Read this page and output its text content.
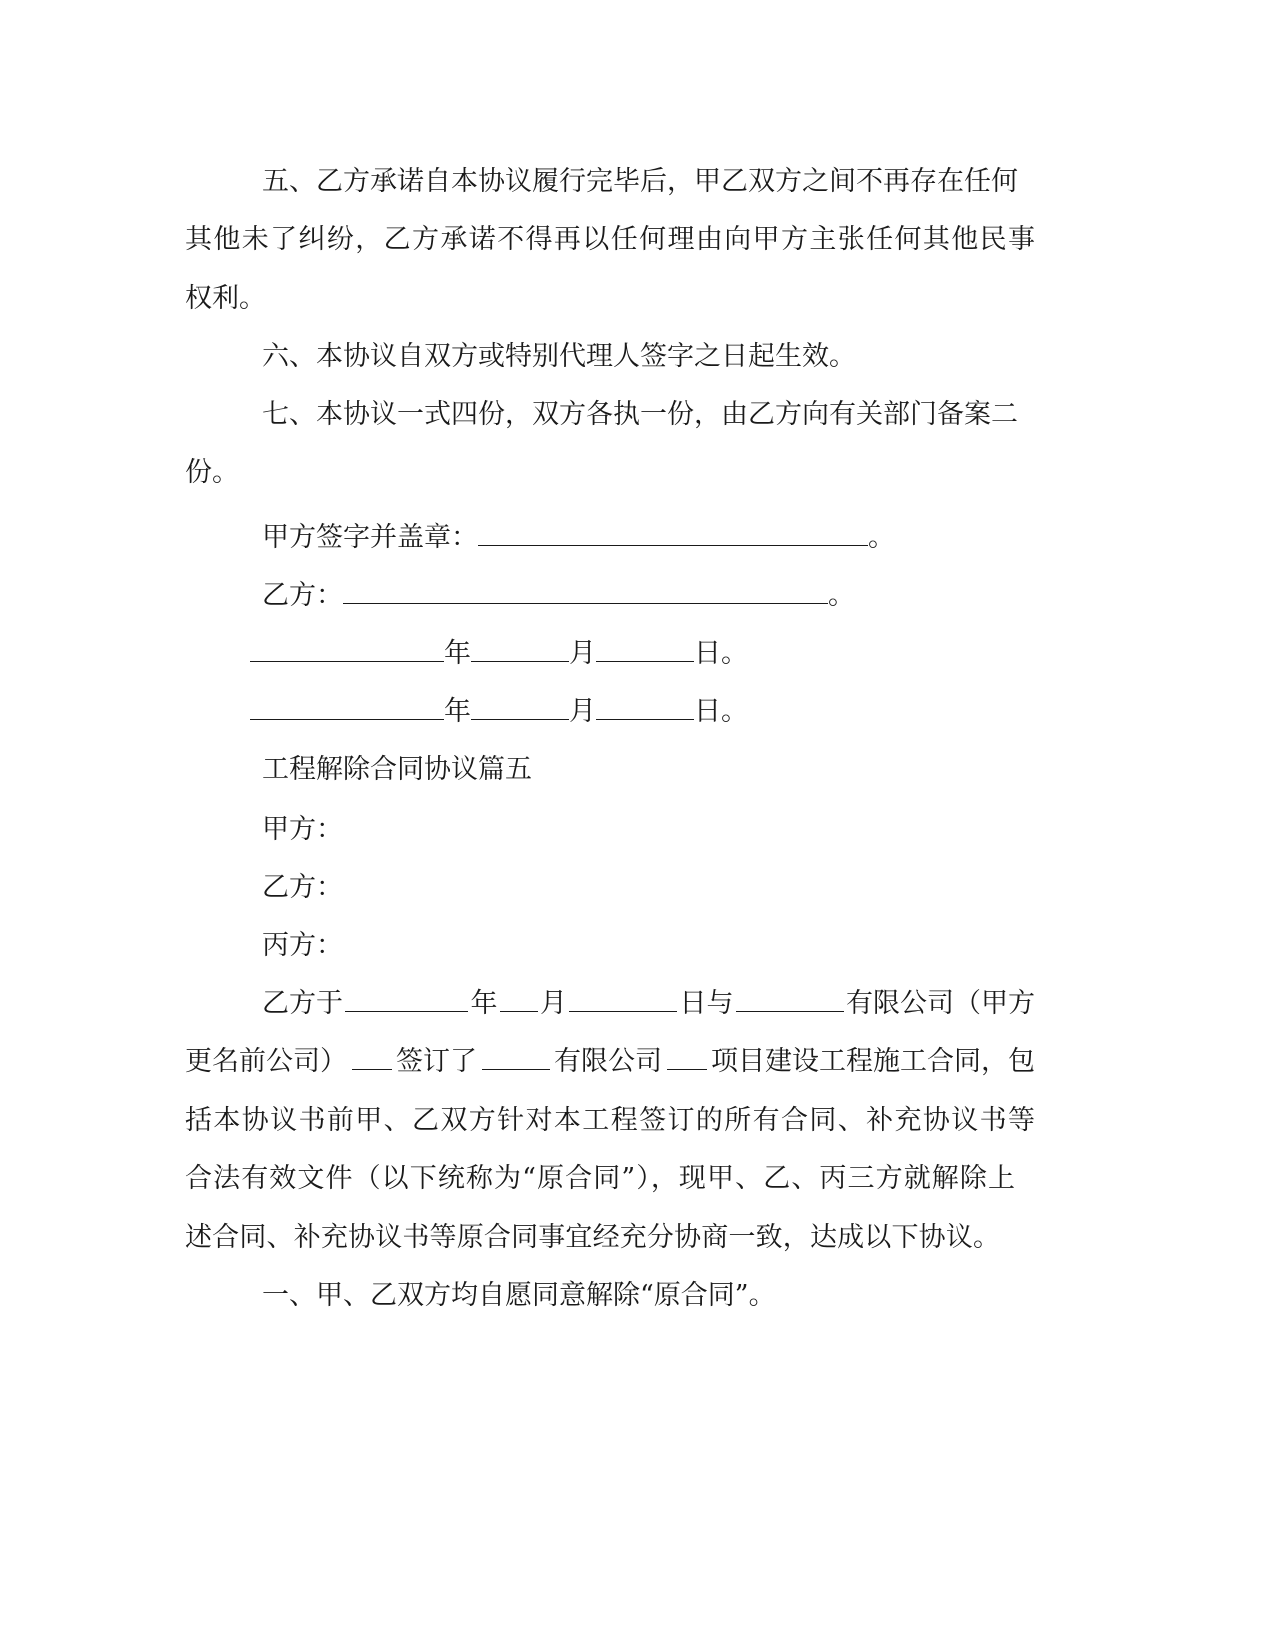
五、乙方承诺自本协议履行完毕后，甲乙双方之间不再存在任何
其他未了纠纷，乙方承诺不得再以任何理由向甲方主张任何其他民事
权利。
六、本协议自双方或特别代理人签字之日起生效。
七、本协议一式四份，双方各执一份，由乙方向有关部门备案二
份。
甲方签字并盖章：	。
乙方：	。
年	月	日。
年	月	日。
工程解除合同协议篇五
甲方：
乙方：
丙方：
乙方于	年 月	日与	有限公司（甲方
更名前公司） 签订了	有限公司 项目建设工程施工合同，包
括本协议书前甲、乙双方针对本工程签订的所有合同、补充协议书等
合法有效文件（以下统称为“原合同”），现甲、乙、丙三方就解除上
述合同、补充协议书等原合同事宜经充分协商一致，达成以下协议。
一、甲、乙双方均自愿同意解除“原合同”。
